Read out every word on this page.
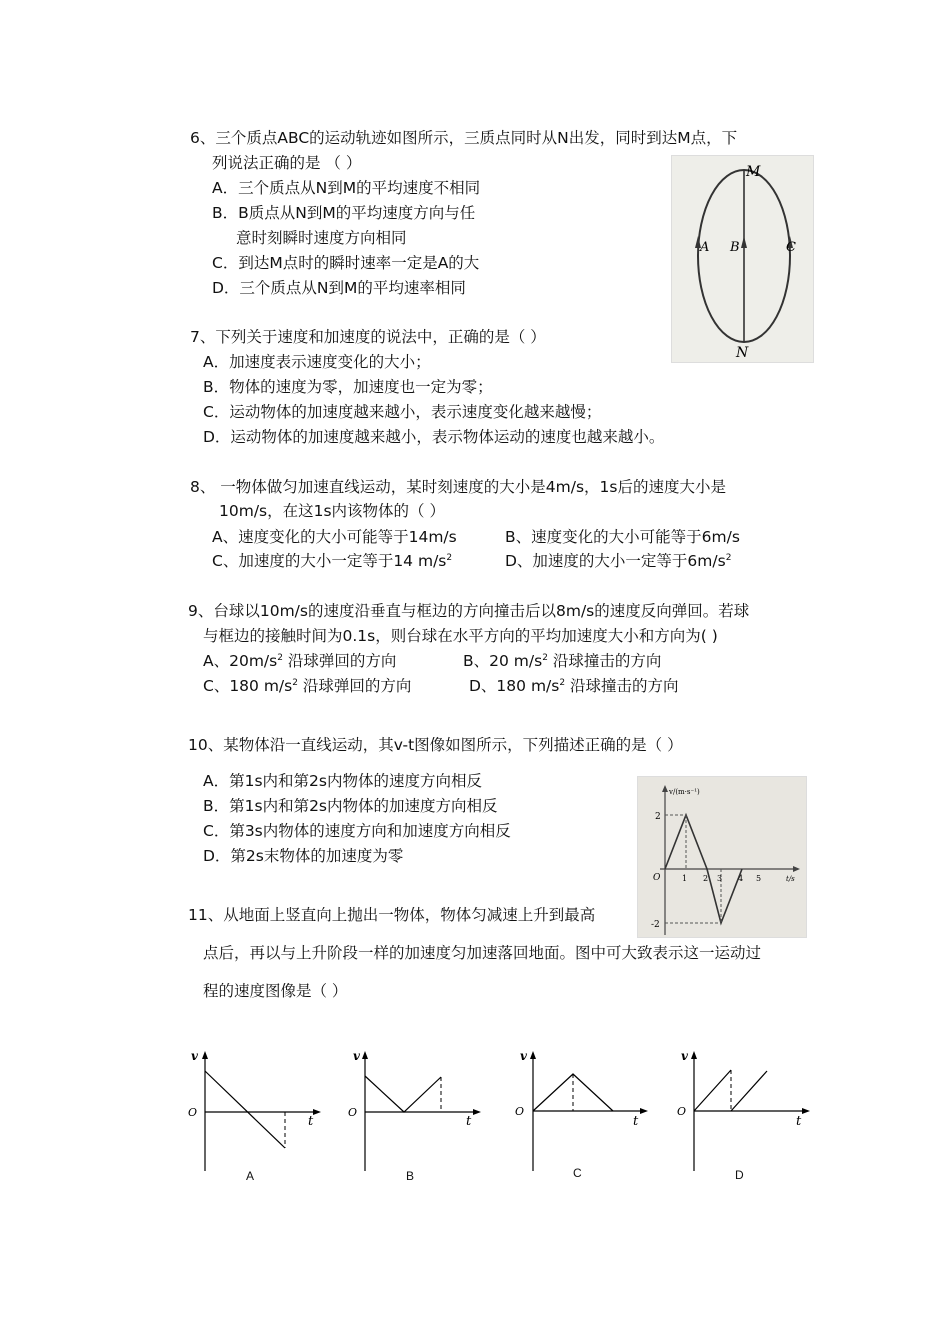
6、三个质点ABC的运动轨迹如图所示，三质点同时从N出发，同时到达M点，下
列说法正确的是 （ ）
A．三个质点从N到M的平均速度不相同
B．B质点从N到M的平均速度方向与任
意时刻瞬时速度方向相同
C．到达M点时的瞬时速率一定是A的大
D．三个质点从N到M的平均速率相同
M
N
A B	C
7、下列关于速度和加速度的说法中，正确的是（ ）
A．加速度表示速度变化的大小；
B．物体的速度为零，加速度也一定为零；
C．运动物体的加速度越来越小，表示速度变化越来越慢；
D．运动物体的加速度越来越小，表示物体运动的速度也越来越小。
8、 一物体做匀加速直线运动，某时刻速度的大小是4m/s，1s后的速度大小是
10m/s，在这1s内该物体的（ ）
A、速度变化的大小可能等于14m/s	B、速度变化的大小可能等于6m/s
C、加速度的大小一定等于14 $m/s^2$	D、加速度的大小一定等于$6m/s^2$
9、台球以10m/s的速度沿垂直与框边的方向撞击后以8m/s的速度反向弹回。若球
与框边的接触时间为0.1s，则台球在水平方向的平均加速度大小和方向为( )
A、$20m/s^2$ 沿球弹回的方向	B、20 $m/s^2$ 沿球撞击的方向
C、180 $m/s^2$ 沿球弹回的方向	D、180 $m/s^2$ 沿球撞击的方向
10、某物体沿一直线运动，其v-t图像如图所示，下列描述正确的是（ ）
A．第1s内和第2s内物体的速度方向相反
B．第1s内和第2s内物体的加速度方向相反
C．第3s内物体的速度方向和加速度方向相反
D．第2s末物体的加速度为零
v/(m·s⁻¹)
t/s
O
2
-2
1 2 3 4 5
11、从地面上竖直向上抛出一物体，物体匀减速上升到最高
点后，再以与上升阶段一样的加速度匀加速落回地面。图中可大致表示这一运动过
程的速度图像是（ ）
v
O
t
A
v
O
t
B
v
O
t
C
v
O
t
D
